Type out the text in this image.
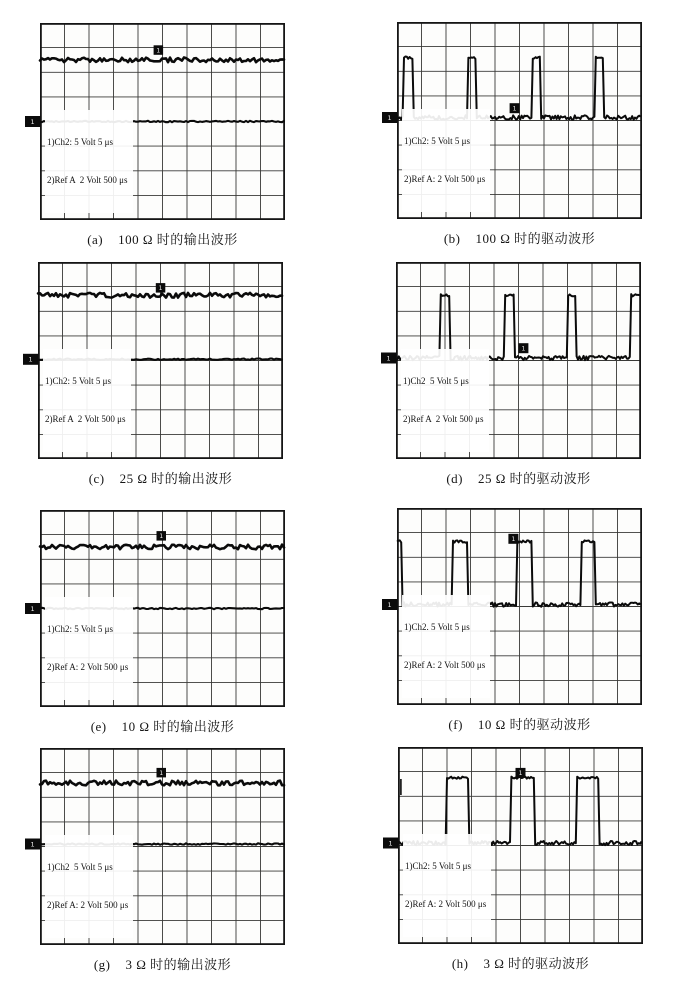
1
1

1)Ch2: 5 Volt 5 μs

2)Ref A  2 Volt 500 μs

(a) 100 Ω 时的输出波形
1
1

1)Ch2: 5 Volt 5 μs

2)Ref A: 2 Volt 500 μs

(b) 100 Ω 时的驱动波形
1
1

1)Ch2: 5 Volt 5 μs

2)Ref A  2 Volt 500 μs

(c) 25 Ω 时的输出波形
1
1

1)Ch2  5 Volt 5 μs

2)Ref A  2 Volt 500 μs

(d) 25 Ω 时的驱动波形
1
1

1)Ch2: 5 Volt 5 μs

2)Ref A: 2 Volt 500 μs

(e) 10 Ω 时的输出波形
1
1

1)Ch2. 5 Volt 5 μs

2)Ref A: 2 Volt 500 μs

(f) 10 Ω 时的驱动波形
1
1

1)Ch2  5 Volt 5 μs

2)Ref A: 2 Volt 500 μs

(g) 3 Ω 时的输出波形
1
1

1)Ch2: 5 Volt 5 μs

2)Ref A: 2 Volt 500 μs

(h) 3 Ω 时的驱动波形
